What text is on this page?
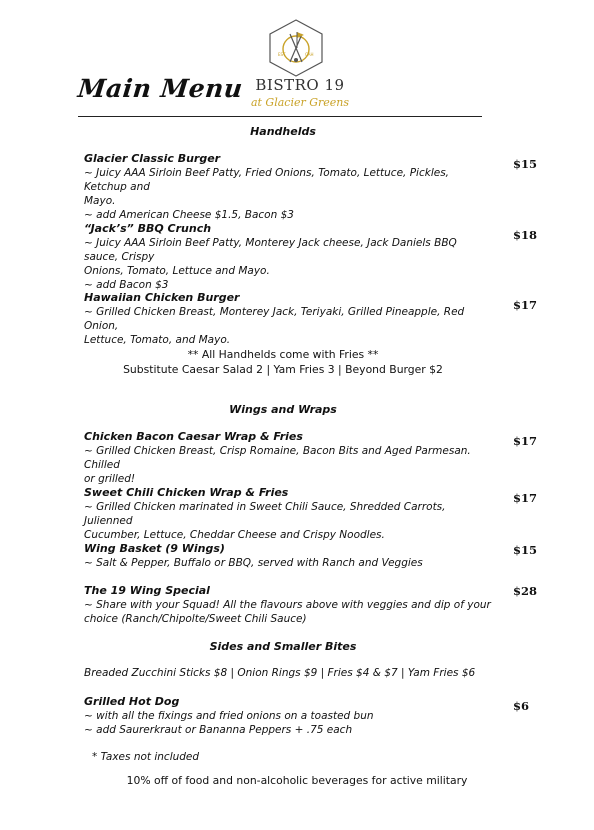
Main Menu
EST	CAH
BISTRO 19
at Glacier Greens
Handhelds
Glacier Classic Burger
~ Juicy AAA Sirloin Beef Patty, Fried Onions, Tomato, Lettuce, Pickles, Ketchup and
Mayo.
~ add American Cheese $1.5, Bacon $3
$15
“Jack’s” BBQ Crunch
~ Juicy AAA Sirloin Beef Patty, Monterey Jack cheese, Jack Daniels BBQ sauce, Crispy
Onions, Tomato, Lettuce and Mayo.
~ add Bacon $3
$18
Hawaiian Chicken Burger
~ Grilled Chicken Breast, Monterey Jack, Teriyaki, Grilled Pineapple, Red Onion,
Lettuce, Tomato, and Mayo.
$17
** All Handhelds come with Fries **
Substitute Caesar Salad 2 | Yam Fries 3 | Beyond Burger $2
Wings and Wraps
Chicken Bacon Caesar Wrap & Fries
~ Grilled Chicken Breast, Crisp Romaine, Bacon Bits and Aged Parmesan. Chilled
or grilled!
$17
Sweet Chili Chicken Wrap & Fries
~ Grilled Chicken marinated in Sweet Chili Sauce, Shredded Carrots, Julienned
Cucumber, Lettuce, Cheddar Cheese and Crispy Noodles.
$17
Wing Basket (9 Wings)
~ Salt & Pepper, Buffalo or BBQ, served with Ranch and Veggies
$15
The 19 Wing Special
~ Share with your Squad! All the flavours above with veggies and dip of your
choice (Ranch/Chipolte/Sweet Chili Sauce)
$28
Sides and Smaller Bites
Breaded Zucchini Sticks $8 | Onion Rings $9 | Fries $4 & $7 | Yam Fries $6
Grilled Hot Dog
~ with all the fixings and fried onions on a toasted bun
~ add Saurerkraut or Bananna Peppers + .75 each
$6
* Taxes not included
10% off of food and non-alcoholic beverages for active military
